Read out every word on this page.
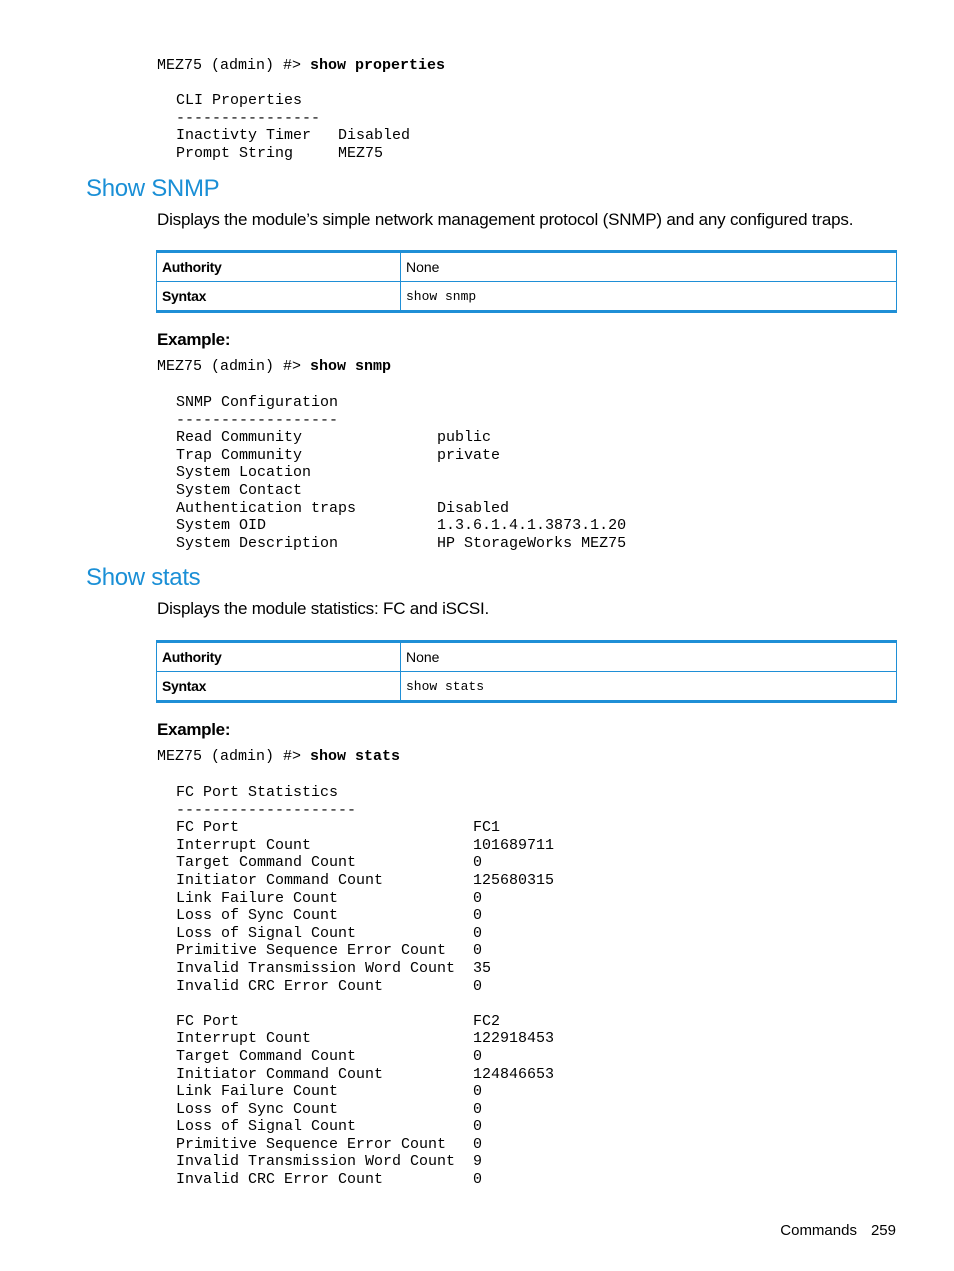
MEZ75 (admin) #> show properties
CLI Properties
----------------
Inactivty Timer   Disabled
Prompt String     MEZ75
Show SNMP

Displays the module’s simple network management protocol (SNMP) and any configured traps.

Authority	None
Syntax	show snmp
Example:
MEZ75 (admin) #> show snmp
SNMP Configuration
------------------
Read Community               public
Trap Community               private
System Location
System Contact
Authentication traps         Disabled
System OID                   1.3.6.1.4.1.3873.1.20
System Description           HP StorageWorks MEZ75
Show stats

Displays the module statistics: FC and iSCSI.

Authority	None
Syntax	show stats
Example:
MEZ75 (admin) #> show stats
FC Port Statistics
--------------------
FC Port                          FC1
Interrupt Count                  101689711
Target Command Count             0
Initiator Command Count          125680315
Link Failure Count               0
Loss of Sync Count               0
Loss of Signal Count             0
Primitive Sequence Error Count   0
Invalid Transmission Word Count  35
Invalid CRC Error Count          0

FC Port                          FC2
Interrupt Count                  122918453
Target Command Count             0
Initiator Command Count          124846653
Link Failure Count               0
Loss of Sync Count               0
Loss of Signal Count             0
Primitive Sequence Error Count   0
Invalid Transmission Word Count  9
Invalid CRC Error Count          0
Commands 259
